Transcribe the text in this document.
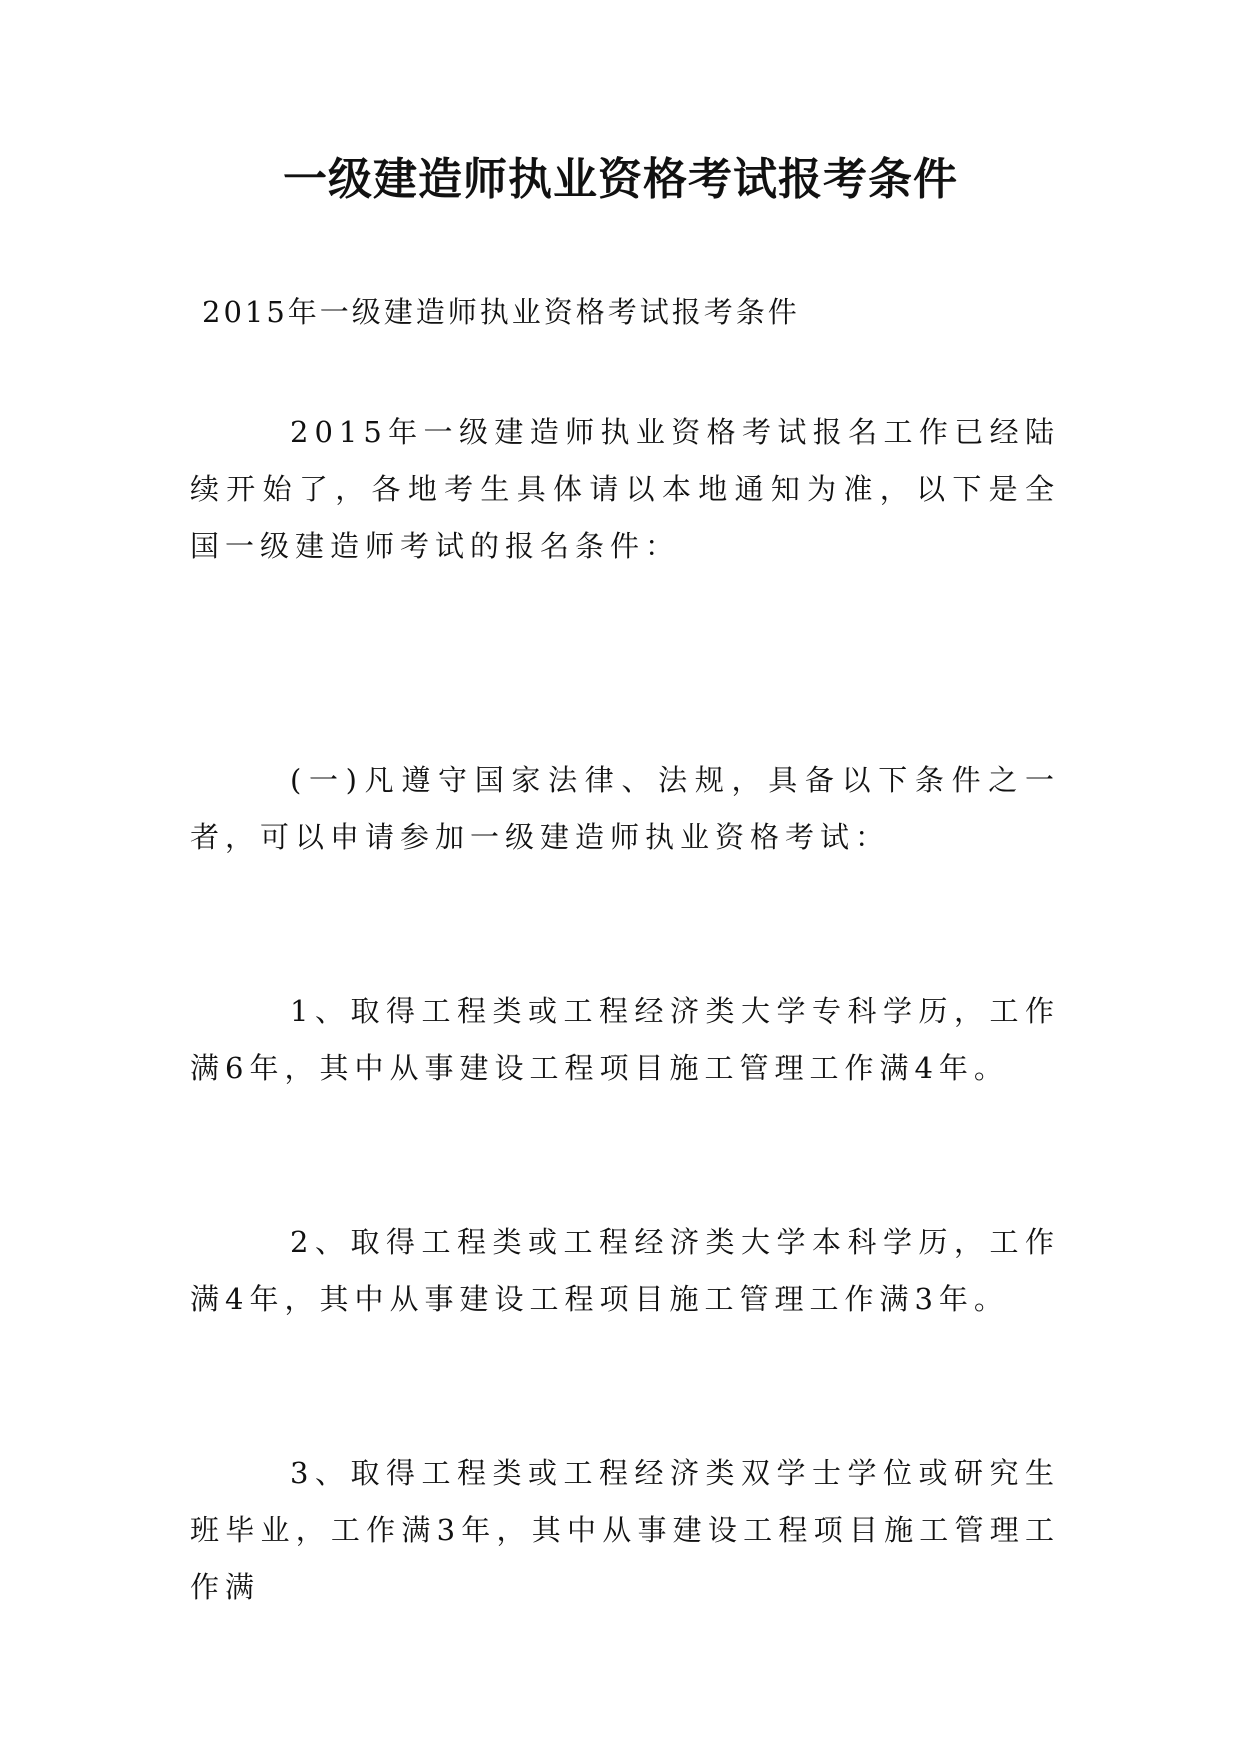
一级建造师执业资格考试报考条件

2015年一级建造师执业资格考试报考条件

2015年一级建造师执业资格考试报名工作已经陆续开始了，各地考生具体请以本地通知为准，以下是全国一级建造师考试的报名条件：

(一)凡遵守国家法律、法规，具备以下条件之一者，可以申请参加一级建造师执业资格考试：

1、取得工程类或工程经济类大学专科学历，工作满6年，其中从事建设工程项目施工管理工作满4年。

2、取得工程类或工程经济类大学本科学历，工作满4年，其中从事建设工程项目施工管理工作满3年。

3、取得工程类或工程经济类双学士学位或研究生班毕业，工作满3年，其中从事建设工程项目施工管理工作满
